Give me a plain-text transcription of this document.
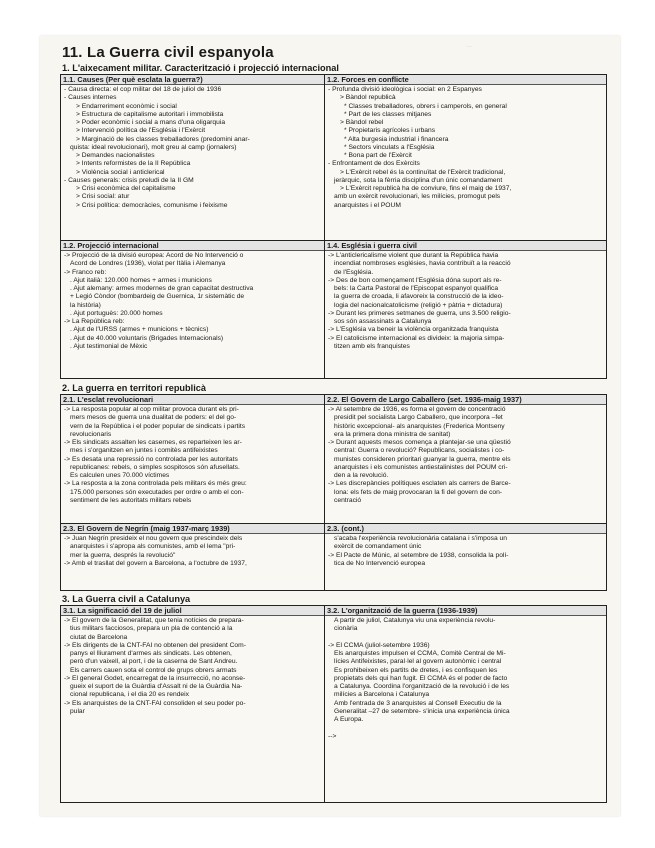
…
11. La Guerra civil espanyola
1. L'aixecament militar. Caracterització i projecció internacional
1.1. Causes (Per què esclata la guerra?)
- Causa directa: el cop militar del 18 de juliol de 1936
- Causes internes
> Endarreriment econòmic i social
> Estructura de capitalisme autoritari i immobilista
> Poder econòmic i social a mans d'una oligarquia
> Intervenció política de l'Església i l'Exèrcit
> Marginació de les classes treballadores (predomini anar-
quista: ideal revolucionari), molt greu al camp (jornalers)
> Demandes nacionalistes
> Intents reformistes de la II República
> Violència social i anticlerical
- Causes generals: crisis preludi de la II GM
> Crisi econòmica del capitalisme
> Crisi social: atur
> Crisi política: democràcies, comunisme i feixisme
1.2. Forces en conflicte
- Profunda divisió ideològica i social: en 2 Espanyes
> Bàndol republicà
* Classes treballadores, obrers i camperols, en general
* Part de les classes mitjanes
> Bàndol rebel
* Propietaris agrícoles i urbans
* Alta burgesia industrial i financera
* Sectors vinculats a l'Església
* Bona part de l'Exèrcit
- Enfrontament de dos Exèrcits
> L'Exèrcit rebel és la continuïtat de l'Exèrcit tradicional,
jeràrquic, sota la fèrria disciplina d'un únic comandament
> L'Exèrcit republicà ha de conviure, fins el maig de 1937,
amb un exèrcit revolucionari, les milícies, promogut pels
anarquistes i el POUM
1.2. Projecció internacional
-> Projecció de la divisió europea: Acord de No Intervenció o
Acord de Londres (1936), violat per Itàlia i Alemanya
-> Franco reb:
. Ajut italià: 120.000 homes + armes i municions
. Ajut alemany: armes modernes de gran capacitat destructiva
+ Legió Còndor (bombardeig de Guernica, 1r sistemàtic de
la història)
. Ajut portuguès: 20.000 homes
-> La República reb:
. Ajut de l'URSS (armes + municions + tècnics)
. Ajut de 40.000 voluntaris (Brigades Internacionals)
. Ajut testimonial de Mèxic
1.4. Església i guerra civil
-> L'anticlericalisme violent que durant la República havia
incendiat nombroses esglésies, havia contribuït a la reacció
de l'Església.
-> Des de bon començament l'Església dóna suport als re-
bels: la Carta Pastoral de l'Episcopat espanyol qualifica
la guerra de croada, li afavoreix la construcció de la ideo-
logia del nacionalcatolicisme (religió + pàtria + dictadura)
-> Durant les primeres setmanes de guerra, uns 3.500 religio-
sos són assassinats a Catalunya
-> L'Església va beneir la violència organitzada franquista
-> El catolicisme internacional es divideix: la majoria simpa-
titzen amb els franquistes
2. La guerra en territori republicà
2.1. L'esclat revolucionari
-> La resposta popular al cop militar provoca durant els pri-
mers mesos de guerra una dualitat de poders: el del go-
vern de la República i el poder popular de sindicats i partits
revolucionaris
-> Els sindicats assalten les casernes, es reparteixen les ar-
mes i s'organitzen en juntes i comitès antifeixistes
-> Es desata una repressió no controlada per les autoritats
republicanes: rebels, o simples sospitosos són afusellats.
Es calculen unes 70.000 víctimes
-> La resposta a la zona controlada pels militars és més greu:
175.000 persones són executades per ordre o amb el con-
sentiment de les autoritats militars rebels
2.2. El Govern de Largo Caballero (set. 1936-maig 1937)
-> Al setembre de 1936, es forma el govern de concentració
presidit pel socialista Largo Caballero, que incorpora –fet
històric excepcional- als anarquistes (Frederica Montseny
era la primera dona ministra de sanitat)
-> Durant aquests mesos comença a plantejar-se una qüestió
central: Guerra o revolució? Republicans, socialistes i co-
munistes consideren prioritari guanyar la guerra, mentre els
anarquistes i els comunistes antiestalinistes del POUM cri-
den a la revolució.
-> Les discrepàncies polítiques esclaten als carrers de Barce-
lona: els fets de maig provocaran la fi del govern de con-
centració
2.3. El Govern de Negrín (maig 1937-març 1939)
-> Juan Negrín presideix el nou govern que prescindeix dels
anarquistes i s'apropa als comunistes, amb el lema "pri-
mer la guerra, després la revolució"
-> Amb el trasllat del govern a Barcelona, a l'octubre de 1937,
2.3. (cont.)
s'acaba l'experiència revolucionària catalana i s'imposa un
exèrcit de comandament únic
-> El Pacte de Múnic, al setembre de 1938, consolida la polí-
tica de No Intervenció europea
3. La Guerra civil a Catalunya
3.1. La significació del 19 de juliol
-> El govern de la Generalitat, que tenia notícies de prepara-
tius militars facciosos, prepara un pla de contenció a la
ciutat de Barcelona
-> Els dirigents de la CNT-FAI no obtenen del president Com-
panys el lliurament d'armes als sindicats. Les obtenen,
però d'un vaixell, al port, i de la caserna de Sant Andreu.
Els carrers cauen sota el control de grups obrers armats
-> El general Godet, encarregat de la insurrecció, no aconse-
gueix el suport de la Guàrdia d'Assalt ni de la Guàrdia Na-
cional republicana, i el dia 20 es rendeix
-> Els anarquistes de la CNT-FAI consoliden el seu poder po-
pular
3.2. L'organització de la guerra (1936-1939)
A partir de juliol, Catalunya viu una experiència revolu-
cionària

-> El CCMA (juliol-setembre 1936)
Els anarquistes impulsen el CCMA, Comitè Central de Mi-
lícies Antifeixistes, paral·lel al govern autonòmic i central
Es prohibeixen els partits de dretes, i es confisquen les
propietats dels qui han fugit. El CCMA és el poder de facto
a Catalunya. Coordina l'organització de la revolució i de les
milícies a Barcelona i Catalunya
Amb l'entrada de 3 anarquistes al Consell Executiu de la
Generalitat –27 de setembre- s'inicia una experiència única
A Europa.

-->
